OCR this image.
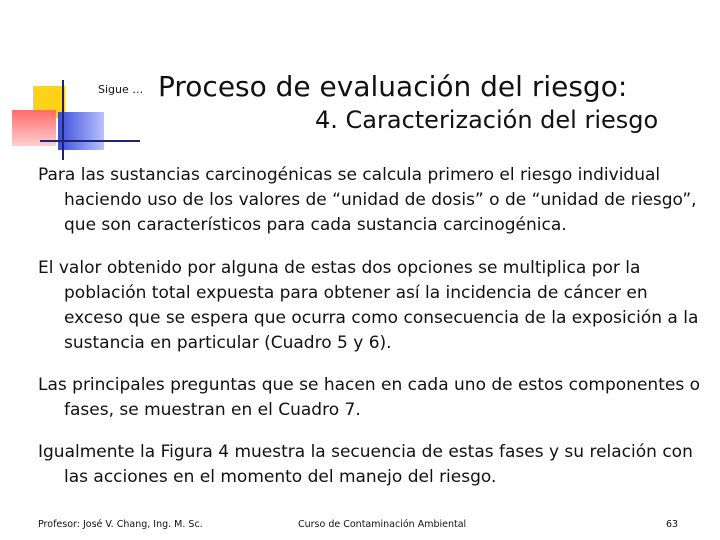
Sigue … Proceso de evaluación del riesgo:
4. Caracterización del riesgo
Para las sustancias carcinogénicas se calcula primero el riesgo individual haciendo uso de los valores de “unidad de dosis” o de “unidad de riesgo”, que son característicos para cada sustancia carcinogénica.
El valor obtenido por alguna de estas dos opciones se multiplica por la población total expuesta para obtener así la incidencia de cáncer en exceso que se espera que ocurra como consecuencia de la exposición a la sustancia en particular (Cuadro 5 y 6).
Las principales preguntas que se hacen en cada uno de estos componentes o fases, se muestran en el Cuadro 7.
Igualmente la Figura 4 muestra la secuencia de estas fases y su relación con las acciones en el momento del manejo del riesgo.
Profesor: José V. Chang, Ing. M. Sc.	Curso de Contaminación Ambiental	63
